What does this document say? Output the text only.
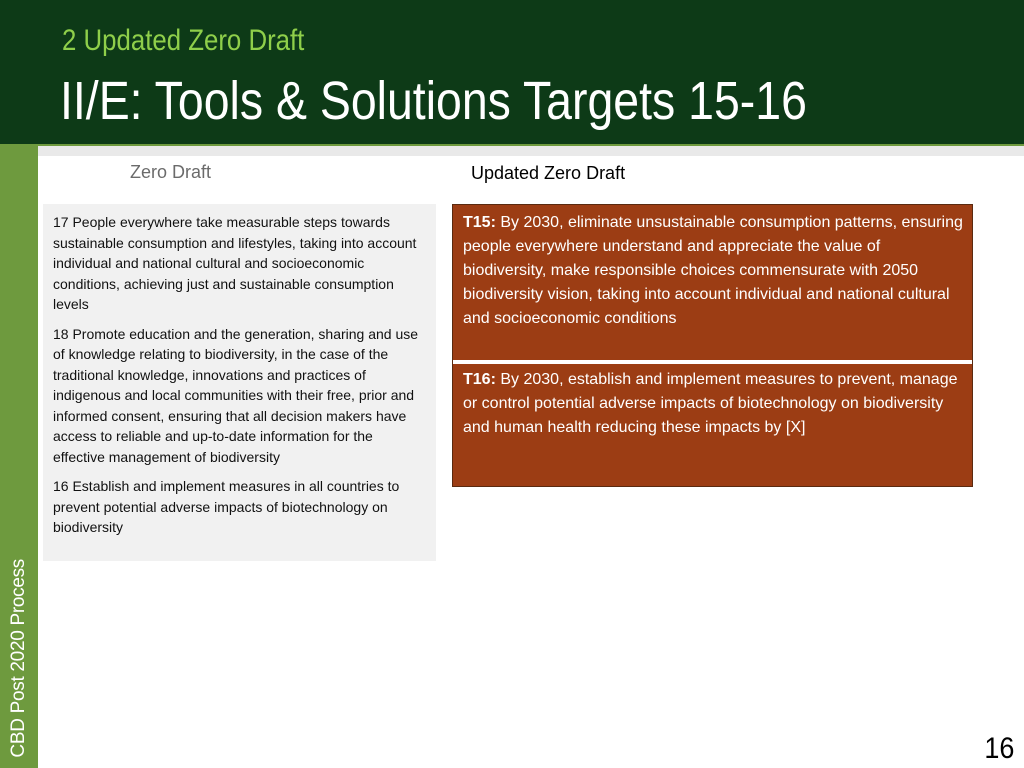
2 Updated Zero Draft
II/E: Tools & Solutions Targets 15-16
CBD Post 2020 Process
Zero Draft	Updated Zero Draft

17 People everywhere take measurable steps towards sustainable consumption and lifestyles, taking into account individual and national cultural and socioeconomic conditions, achieving just and sustainable consumption levels

18 Promote education and the generation, sharing and use of knowledge relating to biodiversity, in the case of the traditional knowledge, innovations and practices of indigenous and local communities with their free, prior and informed consent, ensuring that all decision makers have access to reliable and up-to-date information for the effective management of biodiversity

16 Establish and implement measures in all countries to prevent potential adverse impacts of biotechnology on biodiversity

T15: By 2030, eliminate unsustainable consumption patterns, ensuring people everywhere understand and appreciate the value of biodiversity, make responsible choices commensurate with 2050 biodiversity vision, taking into account individual and national cultural and socioeconomic conditions
T16: By 2030, establish and implement measures to prevent, manage or control potential adverse impacts of biotechnology on biodiversity and human health reducing these impacts by [X]
16
